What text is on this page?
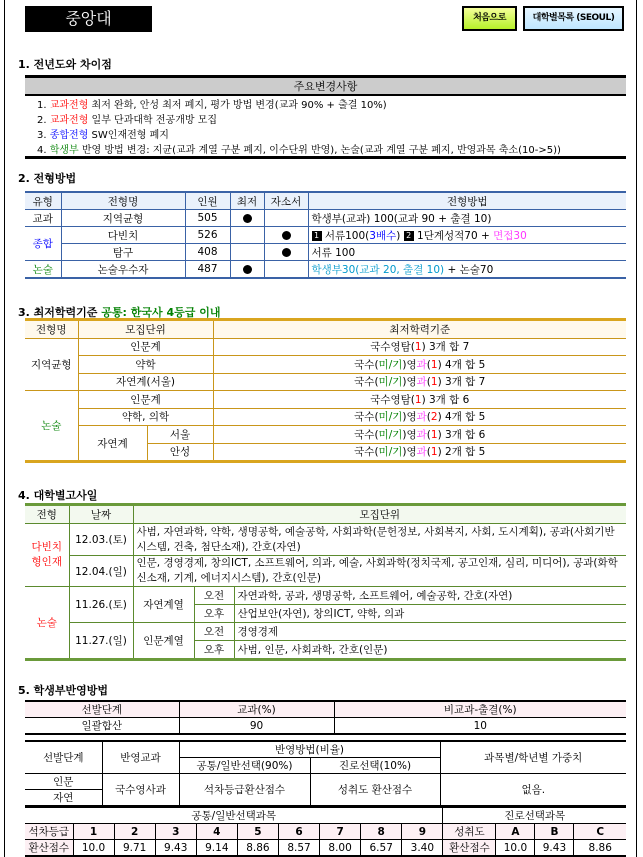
중앙대	처음으로	대학별목록 (SEOUL)
1. 전년도와 차이점
주요변경사항
1. 교과전형 최저 완화, 안성 최저 폐지, 평가 방법 변경(교과 90% + 출결 10%)
2. 교과전형 일부 단과대학 전공개방 모집
3. 종합전형 SW인재전형 폐지
4. 학생부 반영 방법 변경: 지균(교과 계열 구분 폐지, 이수단위 반영), 논술(교과 계열 구분 폐지, 반영과목 축소(10->5))
2. 전형방법
유형	전형명	인원	최저	자소서	전형방법
교과	지역균형	505			학생부(교과) 100(교과 90 + 출결 10)
종합	다빈치	526			1 서류100(3배수) 2 1단계성적70 + 면접30
	탐구	408			서류 100
논술	논술우수자	487			학생부30(교과 20, 출결 10) + 논술70
3. 최저학력기준 공통: 한국사 4등급 이내
전형명	모집단위		최저학력기준
지역균형	인문계		국수영탐(1) 3개 합 7
	약학		국수(미/기)영과(1) 4개 합 5
	자연계(서울)		국수(미/기)영과(1) 3개 합 7
논술	인문계		국수영탐(1) 3개 합 6
	약학, 의학		국수(미/기)영과(2) 4개 합 5
	자연계	서울	국수(미/기)영과(1) 3개 합 6
		안성	국수(미/기)영과(1) 2개 합 5
4. 대학별고사일
전형	날짜	모집단위		
다빈치
형인재	12.03.(토)	사범, 자연과학, 약학, 생명공학, 예술공학, 사회과학(문헌정보, 사회복지, 사회, 도시계획), 공과(사회기반시스템, 건축, 첨단소재), 간호(자연)		
	12.04.(일)	인문, 경영경제, 창의ICT, 소프트웨어, 의과, 예술, 사회과학(정치국제, 공고인재, 심리, 미디어), 공과(화학신소재, 기계, 에너지시스템), 간호(인문)		
논술	11.26.(토)	자연계열	오전	자연과학, 공과, 생명공학, 소프트웨어, 예술공학, 간호(자연)
			오후	산업보안(자연), 창의ICT, 약학, 의과
	11.27.(일)	인문계열	오전	경영경제
			오후	사범, 인문, 사회과학, 간호(인문)
5. 학생부반영방법
선발단계	교과(%)	비교과-출결(%)
일괄합산	90	10
선발단계	반영교과	반영방법(비율)		과목별/학년별 가중치
		공통/일반선택(90%)	진로선택(10%)	
인문	국수영사과	석차등급환산점수	성취도 환산점수	없음.
자연				
공통/일반선택과목										진로선택과목			
석차등급	1	2	3	4	5	6	7	8	9	성취도	A	B	C
환산점수	10.0	9.71	9.43	9.14	8.86	8.57	8.00	6.57	3.40	환산점수	10.0	9.43	8.86
